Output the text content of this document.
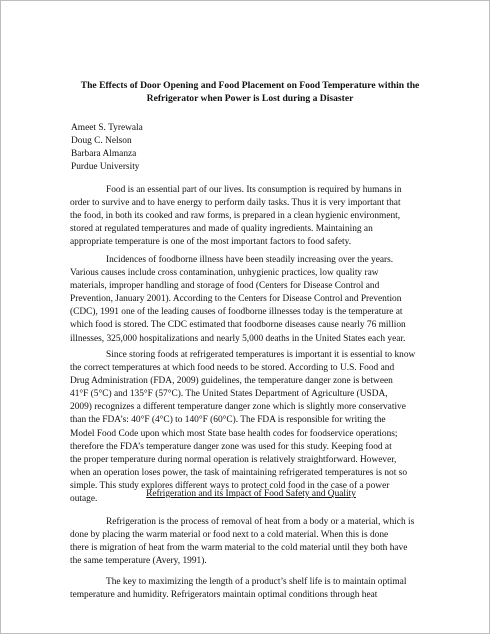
The Effects of Door Opening and Food Placement on Food Temperature within the
Refrigerator when Power is Lost during a Disaster
Ameet S. Tyrewala
Doug C. Nelson
Barbara Almanza
Purdue University
Food is an essential part of our lives. Its consumption is required by humans in
order to survive and to have energy to perform daily tasks. Thus it is very important that
the food, in both its cooked and raw forms, is prepared in a clean hygienic environment,
stored at regulated temperatures and made of quality ingredients. Maintaining an
appropriate temperature is one of the most important factors to food safety.
Incidences of foodborne illness have been steadily increasing over the years.
Various causes include cross contamination, unhygienic practices, low quality raw
materials, improper handling and storage of food (Centers for Disease Control and
Prevention, January 2001). According to the Centers for Disease Control and Prevention
(CDC), 1991 one of the leading causes of foodborne illnesses today is the temperature at
which food is stored. The CDC estimated that foodborne diseases cause nearly 76 million
illnesses, 325,000 hospitalizations and nearly 5,000 deaths in the United States each year.
Since storing foods at refrigerated temperatures is important it is essential to know
the correct temperatures at which food needs to be stored. According to U.S. Food and
Drug Administration (FDA, 2009) guidelines, the temperature danger zone is between
41°F (5°C) and 135°F (57°C). The United States Department of Agriculture (USDA,
2009) recognizes a different temperature danger zone which is slightly more conservative
than the FDA’s: 40°F (4°C) to 140°F (60°C). The FDA is responsible for writing the
Model Food Code upon which most State base health codes for foodservice operations;
therefore the FDA’s temperature danger zone was used for this study. Keeping food at
the proper temperature during normal operation is relatively straightforward. However,
when an operation loses power, the task of maintaining refrigerated temperatures is not so
simple. This study explores different ways to protect cold food in the case of a power
outage.
Refrigeration and its Impact of Food Safety and Quality
Refrigeration is the process of removal of heat from a body or a material, which is
done by placing the warm material or food next to a cold material. When this is done
there is migration of heat from the warm material to the cold material until they both have
the same temperature (Avery, 1991).
The key to maximizing the length of a product’s shelf life is to maintain optimal
temperature and humidity. Refrigerators maintain optimal conditions through heat
